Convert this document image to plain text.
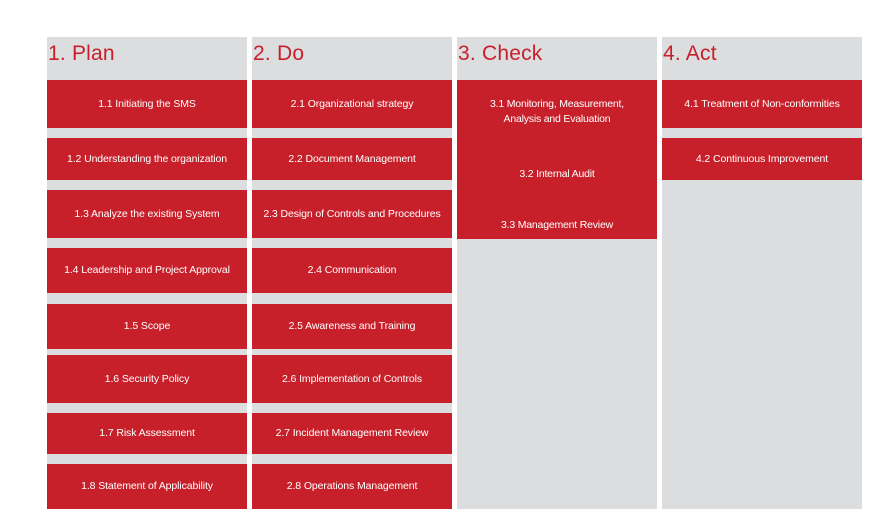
1. Plan
1.1 Initiating the SMS
1.2 Understanding the organization
1.3 Analyze the existing System
1.4 Leadership and Project Approval
1.5 Scope
1.6 Security Policy
1.7 Risk Assessment
1.8 Statement of Applicability
2. Do
2.1 Organizational strategy
2.2 Document Management
2.3 Design of Controls and Procedures
2.4 Communication
2.5 Awareness and Training
2.6 Implementation of Controls
2.7 Incident Management Review
2.8 Operations Management
3. Check
3.1 Monitoring, Measurement,
Analysis and Evaluation
3.2 Internal Audit
3.3 Management Review
4. Act
4.1 Treatment of Non-conformities
4.2 Continuous Improvement
